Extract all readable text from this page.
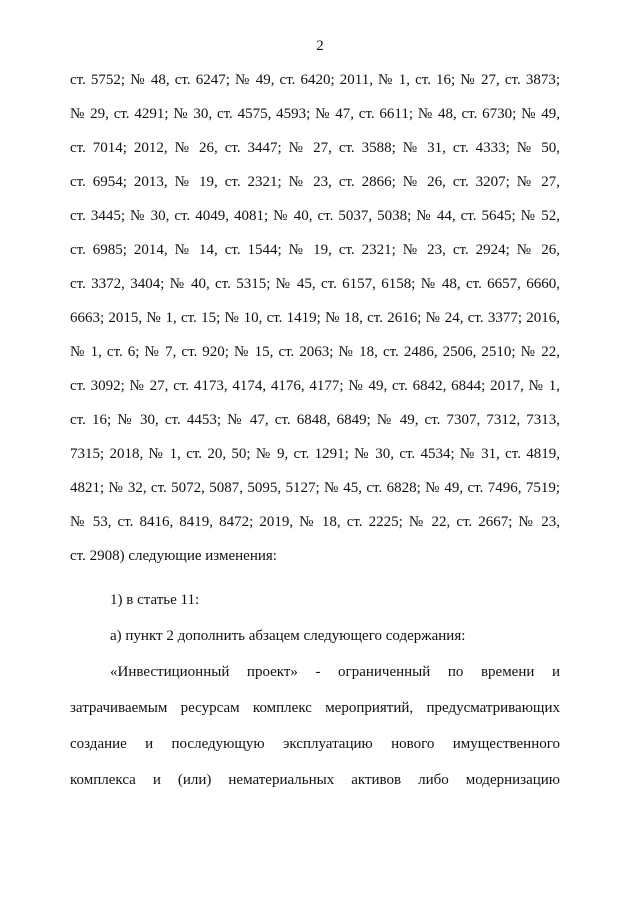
2
ст. 5752; № 48, ст. 6247; № 49, ст. 6420; 2011, № 1, ст. 16; № 27, ст. 3873;
№ 29, ст. 4291; № 30, ст. 4575, 4593; № 47, ст. 6611; № 48, ст. 6730; № 49,
ст. 7014; 2012, № 26, ст. 3447; № 27, ст. 3588; № 31, ст. 4333; № 50,
ст. 6954; 2013, № 19, ст. 2321; № 23, ст. 2866; № 26, ст. 3207; № 27,
ст. 3445; № 30, ст. 4049, 4081; № 40, ст. 5037, 5038; № 44, ст. 5645; № 52,
ст. 6985; 2014, № 14, ст. 1544; № 19, ст. 2321; № 23, ст. 2924; № 26,
ст. 3372, 3404; № 40, ст. 5315; № 45, ст. 6157, 6158; № 48, ст. 6657, 6660,
6663; 2015, № 1, ст. 15; № 10, ст. 1419; № 18, ст. 2616; № 24, ст. 3377; 2016,
№ 1, ст. 6; № 7, ст. 920; № 15, ст. 2063; № 18, ст. 2486, 2506, 2510; № 22,
ст. 3092; № 27, ст. 4173, 4174, 4176, 4177; № 49, ст. 6842, 6844; 2017, № 1,
ст. 16; № 30, ст. 4453; № 47, ст. 6848, 6849; № 49, ст. 7307, 7312, 7313,
7315; 2018, № 1, ст. 20, 50; № 9, ст. 1291; № 30, ст. 4534; № 31, ст. 4819,
4821; № 32, ст. 5072, 5087, 5095, 5127; № 45, ст. 6828; № 49, ст. 7496, 7519;
№ 53, ст. 8416, 8419, 8472; 2019, № 18, ст. 2225; № 22, ст. 2667; № 23,
ст. 2908) следующие изменения:
1) в статье 11:
а) пункт 2 дополнить абзацем следующего содержания:
«Инвестиционный проект» - ограниченный по времени и
затрачиваемым ресурсам комплекс мероприятий, предусматривающих
создание и последующую эксплуатацию нового имущественного
комплекса и (или) нематериальных активов либо модернизацию
